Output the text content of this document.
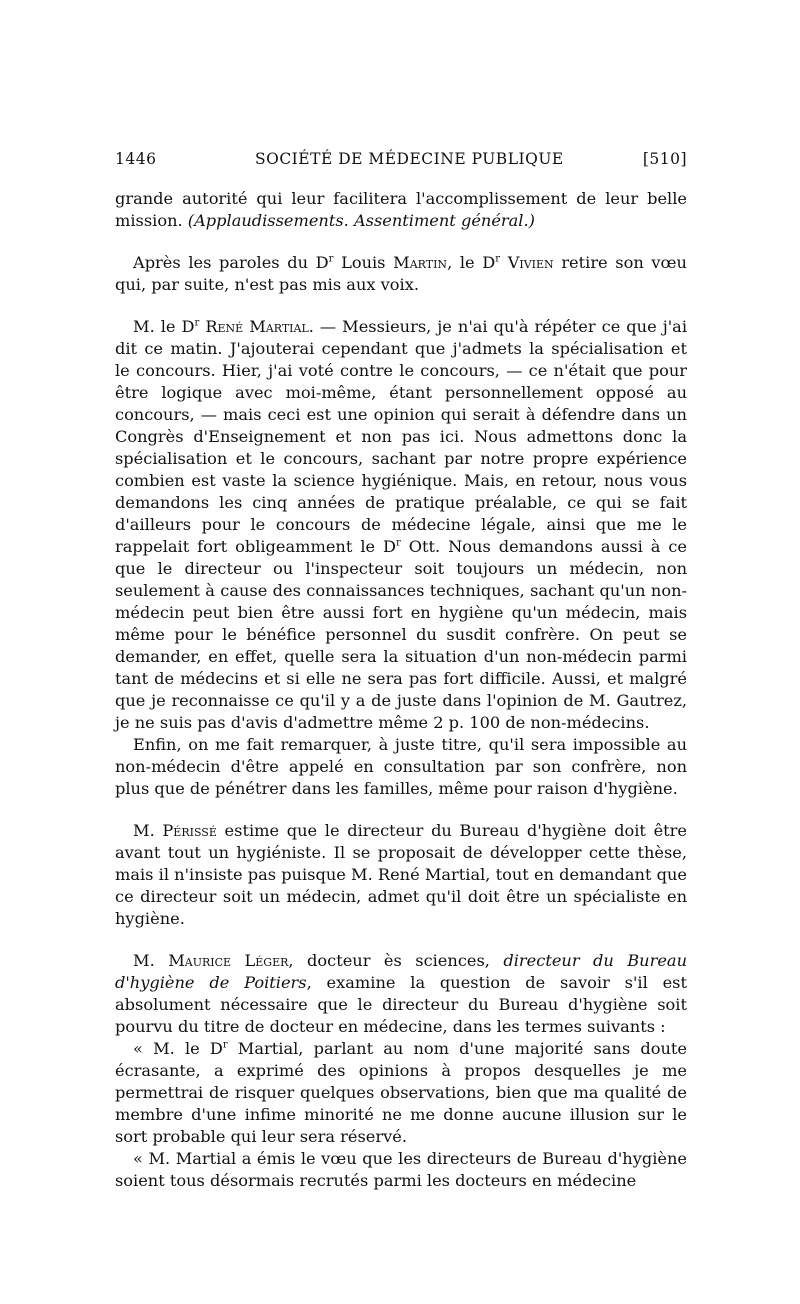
1446	SOCIÉTÉ DE MÉDECINE PUBLIQUE	[510]

grande autorité qui leur facilitera l'accomplissement de leur belle mission. (Applaudissements. Assentiment général.)

Après les paroles du $D^r$ Louis Martin, le $D^r$ Vivien retire son vœu qui, par suite, n'est pas mis aux voix.

M. le $D^r$ René Martial. — Messieurs, je n'ai qu'à répéter ce que j'ai dit ce matin. J'ajouterai cependant que j'admets la spécialisation et le concours. Hier, j'ai voté contre le concours, — ce n'était que pour être logique avec moi-même, étant personnellement opposé au concours, — mais ceci est une opinion qui serait à défendre dans un Congrès d'Enseignement et non pas ici. Nous admettons donc la spécialisation et le concours, sachant par notre propre expérience combien est vaste la science hygiénique. Mais, en retour, nous vous demandons les cinq années de pratique préalable, ce qui se fait d'ailleurs pour le concours de médecine légale, ainsi que me le rappelait fort obligeamment le $D^r$ Ott. Nous demandons aussi à ce que le directeur ou l'inspecteur soit toujours un médecin, non seulement à cause des connaissances techniques, sachant qu'un non-médecin peut bien être aussi fort en hygiène qu'un médecin, mais même pour le bénéfice personnel du susdit confrère. On peut se demander, en effet, quelle sera la situation d'un non-médecin parmi tant de médecins et si elle ne sera pas fort difficile. Aussi, et malgré que je reconnaisse ce qu'il y a de juste dans l'opinion de M. Gautrez, je ne suis pas d'avis d'admettre même 2 p. 100 de non-médecins.

Enfin, on me fait remarquer, à juste titre, qu'il sera impossible au non-médecin d'être appelé en consultation par son confrère, non plus que de pénétrer dans les familles, même pour raison d'hygiène.

M. Périssé estime que le directeur du Bureau d'hygiène doit être avant tout un hygiéniste. Il se proposait de développer cette thèse, mais il n'insiste pas puisque M. René Martial, tout en demandant que ce directeur soit un médecin, admet qu'il doit être un spécialiste en hygiène.

M. Maurice Léger, docteur ès sciences, directeur du Bureau d'hygiène de Poitiers, examine la question de savoir s'il est absolument nécessaire que le directeur du Bureau d'hygiène soit pourvu du titre de docteur en médecine, dans les termes suivants :

« M. le $D^r$ Martial, parlant au nom d'une majorité sans doute écrasante, a exprimé des opinions à propos desquelles je me permettrai de risquer quelques observations, bien que ma qualité de membre d'une infime minorité ne me donne aucune illusion sur le sort probable qui leur sera réservé.

« M. Martial a émis le vœu que les directeurs de Bureau d'hygiène soient tous désormais recrutés parmi les docteurs en médecine
